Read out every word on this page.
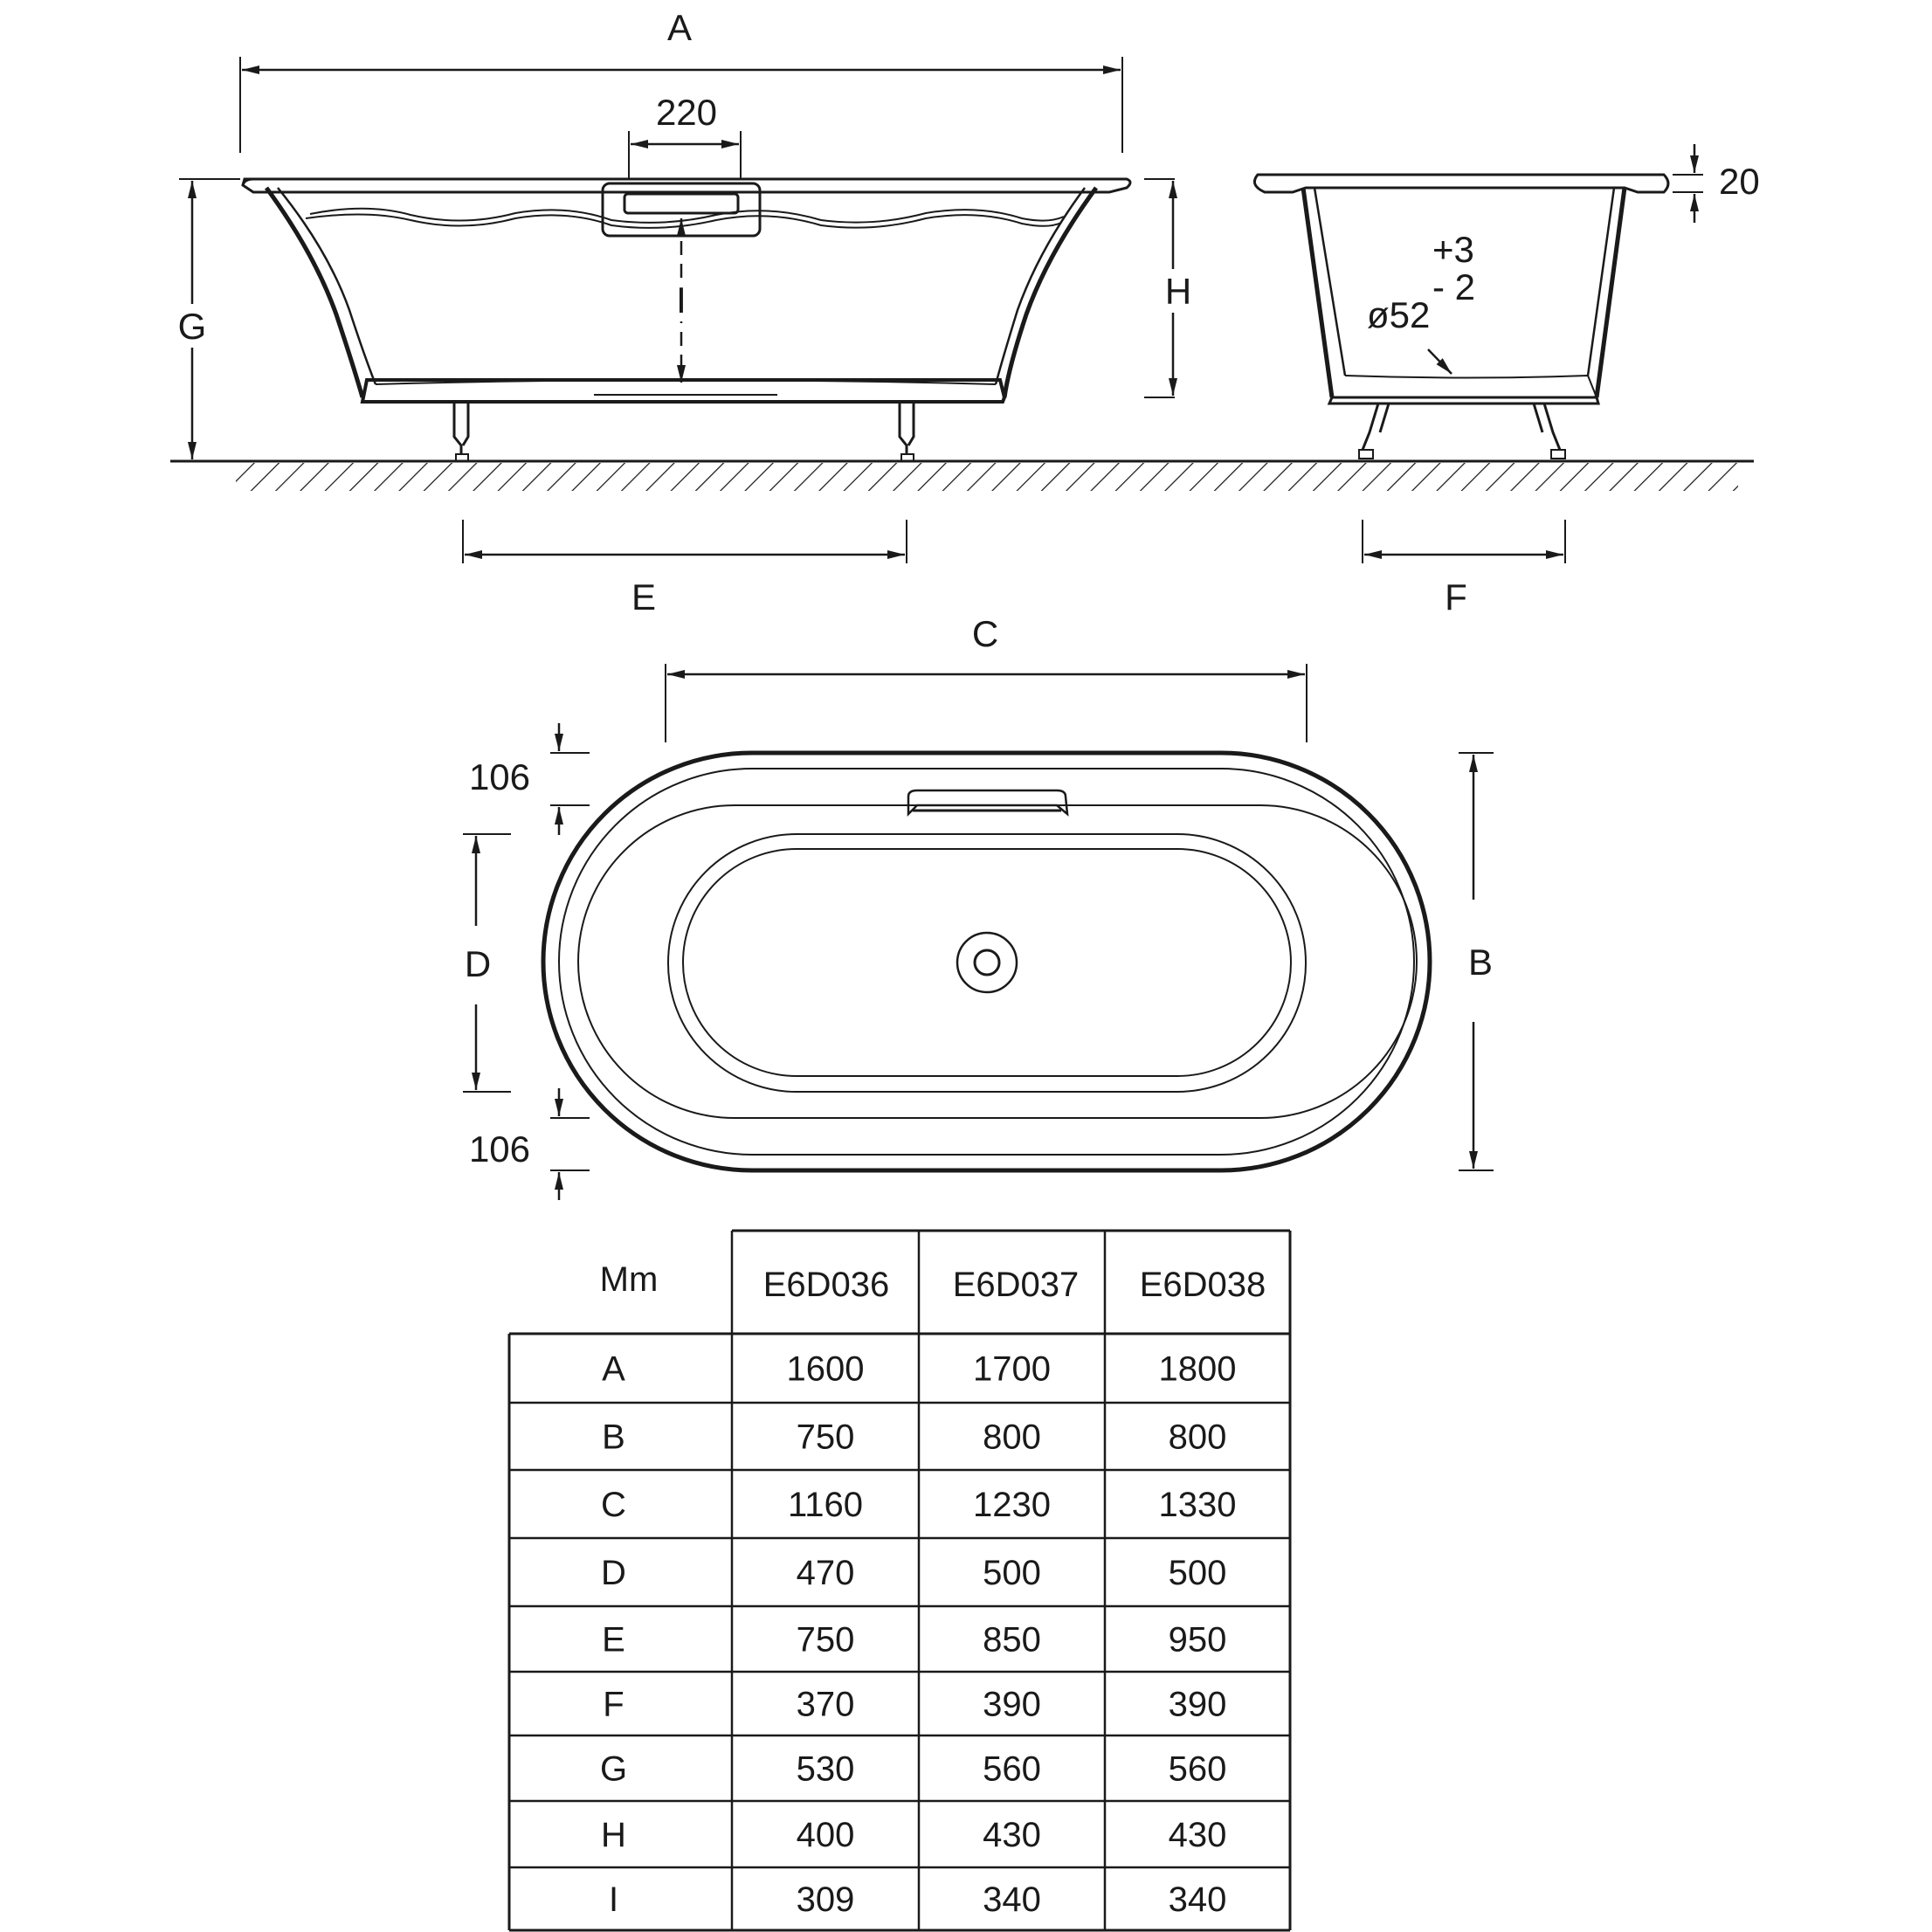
A
220
G
H
I
E
20
+3
- 2
ø52
F
C
B
D
106
106
Mm	E6D036 E6D037 E6D038
A	1600	1700	1800
B	750	800	800
C	1160	1230	1330
D	470	500	500
E	750	850	950
F	370	390	390
G	530	560	560
H	400	430	430
I	309	340	340
